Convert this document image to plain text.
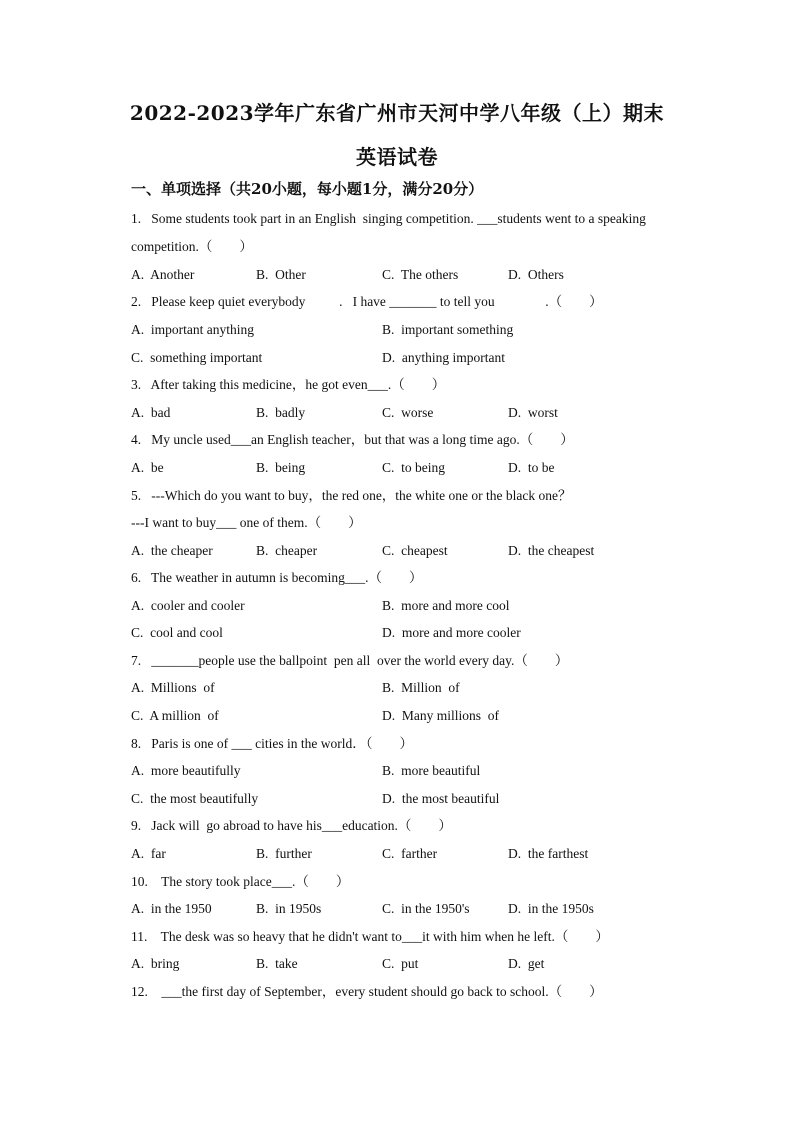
2022-2023学年广东省广州市天河中学八年级（上）期末
英语试卷
一、单项选择（共20小题，每小题1分，满分20分）
1.   Some students took part in an English  singing competition. ___students went to a speaking
competition.（        ）
A.  Another	B.  Other	C.  The others	D.  Others
2.   Please keep quiet everybody          .   I have _______ to tell you               .（        ）
A.  important anything	B.  important something
C.  something important	D.  anything important
3.   After taking this medicine，he got even___.（        ）
A.  bad	B.  badly	C.  worse	D.  worst
4.   My uncle used___an English teacher，but that was a long time ago.（        ）
A.  be	B.  being	C.  to being	D.  to be
5.   ---Which do you want to buy，the red one，the white one or the black one？
---I want to buy___ one of them.（        ）
A.  the cheaper	B.  cheaper	C.  cheapest	D.  the cheapest
6.   The weather in autumn is becoming___.（        ）
A.  cooler and cooler	B.  more and more cool
C.  cool and cool	D.  more and more cooler
7.   _______people use the ballpoint  pen all  over the world every day.（        ）
A.  Millions  of	B.  Million  of
C.  A million  of	D.  Many millions  of
8.   Paris is one of ___ cities in the world．（        ）
A.  more beautifully	B.  more beautiful
C.  the most beautifully	D.  the most beautiful
9.   Jack will  go abroad to have his___education.（        ）
A.  far	B.  further	C.  farther	D.  the farthest
10.    The story took place___.（        ）
A.  in the 1950	B.  in 1950s	C.  in the 1950's	D.  in the 1950s
11.    The desk was so heavy that he didn't want to___it with him when he left.（        ）
A.  bring	B.  take	C.  put	D.  get
12.    ___the first day of September，every student should go back to school.（        ）
